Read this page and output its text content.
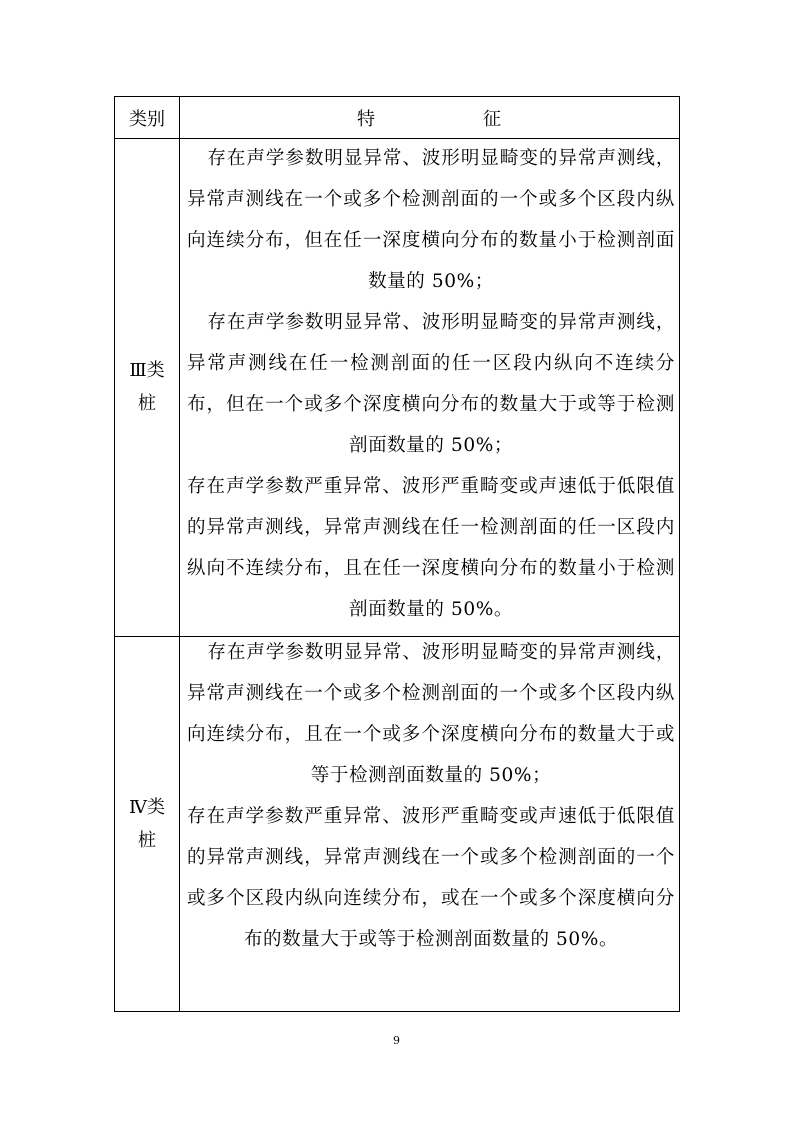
类别	特	征
Ⅲ类
桩
存在声学参数明显异常、波形明显畸变的异常声测线，异常声测线在一个或多个检测剖面的一个或多个区段内纵向连续分布，但在任一深度横向分布的数量小于检测剖面数量的 50%；
存在声学参数明显异常、波形明显畸变的异常声测线，异常声测线在任一检测剖面的任一区段内纵向不连续分布，但在一个或多个深度横向分布的数量大于或等于检测剖面数量的 50%；
存在声学参数严重异常、波形严重畸变或声速低于低限值的异常声测线，异常声测线在任一检测剖面的任一区段内纵向不连续分布，且在任一深度横向分布的数量小于检测剖面数量的 50%。
Ⅳ类
桩
存在声学参数明显异常、波形明显畸变的异常声测线，异常声测线在一个或多个检测剖面的一个或多个区段内纵向连续分布，且在一个或多个深度横向分布的数量大于或等于检测剖面数量的 50%；
存在声学参数严重异常、波形严重畸变或声速低于低限值的异常声测线，异常声测线在一个或多个检测剖面的一个或多个区段内纵向连续分布，或在一个或多个深度横向分布的数量大于或等于检测剖面数量的 50%。
9
